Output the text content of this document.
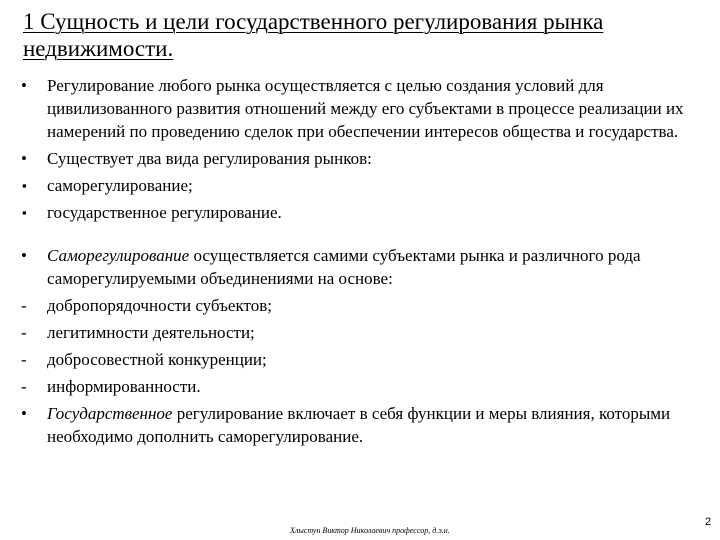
1 Сущность и цели государственного регулирования рынка недвижимости.
•	Регулирование любого рынка осуществляется с целью создания условий для цивилизованного развития отношений между его субъектами в процессе реализации их намерений по проведению сделок при обеспечении интересов общества и государства.
•	Существует два вида регулирования рынков:
▪	саморегулирование;
▪	государственное регулирование.
•	Саморегулирование осуществляется самими субъектами рынка и различного рода саморегулируемыми объединениями на основе:
-	добропорядочности субъектов;
-	легитимности деятельности;
-	добросовестной конкуренции;
-	информированности.
•	Государственное регулирование включает в себя функции и меры влияния, которыми необходимо дополнить саморегулирование.
Хлыстун Виктор Николаевич профессор, д.э.н.
2
